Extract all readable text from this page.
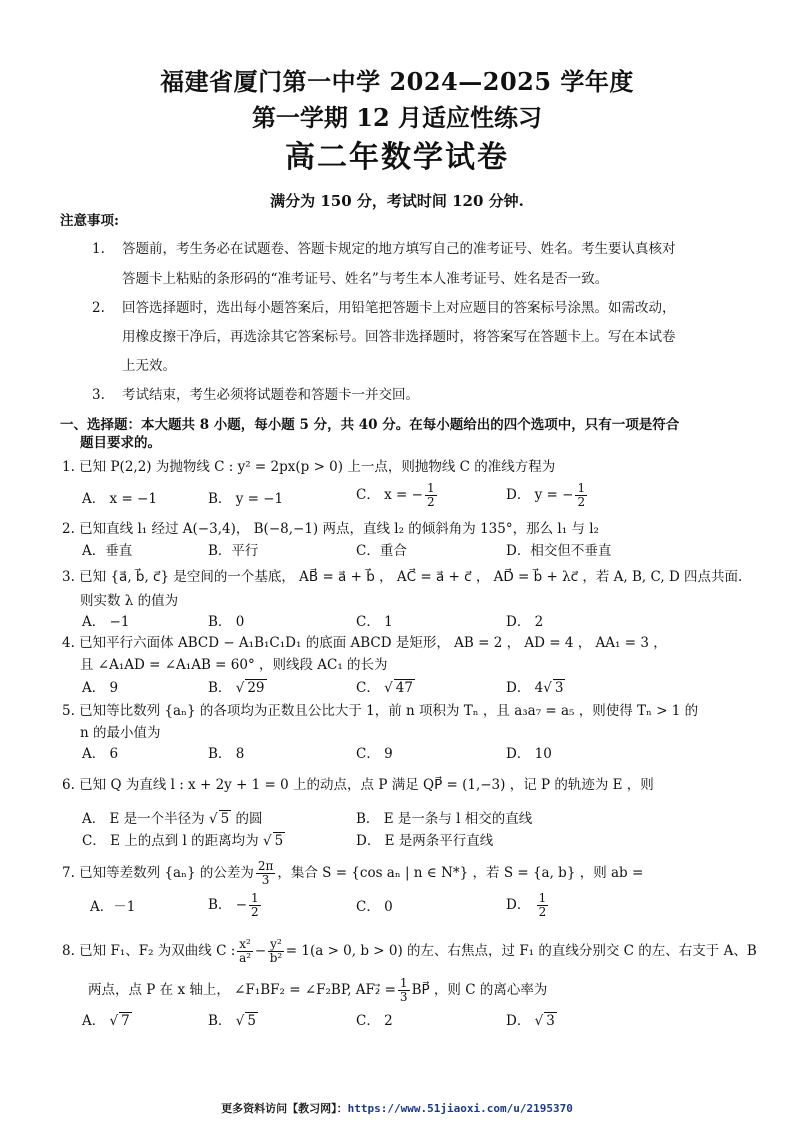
福建省厦门第一中学 2024—2025 学年度
第一学期 12 月适应性练习
高二年数学试卷
满分为 150 分，考试时间 120 分钟.
注意事项:
1. 答题前，考生务必在试题卷、答题卡规定的地方填写自己的准考证号、姓名。考生要认真核对
答题卡上粘贴的条形码的“准考证号、姓名”与考生本人准考证号、姓名是否一致。
2. 回答选择题时，选出每小题答案后，用铅笔把答题卡上对应题目的答案标号涂黑。如需改动，
用橡皮擦干净后，再选涂其它答案标号。回答非选择题时，将答案写在答题卡上。写在本试卷
上无效。
3. 考试结束，考生必须将试题卷和答题卡一并交回。
一、选择题：本大题共 8 小题，每小题 5 分，共 40 分。在每小题给出的四个选项中，只有一项是符合
题目要求的。
1. 已知 P(2,2) 为抛物线 C : y² = 2px(p > 0) 上一点，则抛物线 C 的准线方程为
A． x = −1	B． y = −1	C． x = − $\frac{1}{2}$	D． y = − $\frac{1}{2}$
2. 已知直线 l₁ 经过 A(−3,4)， B(−8,−1) 两点，直线 l₂ 的倾斜角为 135°，那么 l₁ 与 l₂
A．垂直	B．平行	C．重合	D．相交但不垂直
3. 已知 {a⃗, b⃗, c⃗} 是空间的一个基底， AB⃗ = a⃗ + b⃗ ， AC⃗ = a⃗ + c⃗ ， AD⃗ = b⃗ + λc⃗ ，若 A, B, C, D 四点共面.
则实数 λ 的值为
A． −1	B． 0	C． 1	D． 2
4. 已知平行六面体 ABCD − A₁B₁C₁D₁ 的底面 ABCD 是矩形， AB = 2 ， AD = 4 ， AA₁ = 3 ，
且 ∠A₁AD = ∠A₁AB = 60° ，则线段 AC₁ 的长为
A． 9	B． √ 29	C． √ 47	D． 4√ 3
5. 已知等比数列 {aₙ} 的各项均为正数且公比大于 1，前 n 项积为 Tₙ ，且 a₃a₇ = a₅ ，则使得 Tₙ > 1 的
n 的最小值为
A． 6	B． 8	C． 9	D． 10
6. 已知 Q 为直线 l : x + 2y + 1 = 0 上的动点，点 P 满足 QP⃗ = (1,−3) ，记 P 的轨迹为 E ，则
A． E 是一个半径为 √ 5 的圆	B． E 是一条与 l 相交的直线
C． E 上的点到 l 的距离均为 √ 5	D． E 是两条平行直线
7. 已知等差数列 {aₙ} 的公差为 $\frac{2\pi}{3}$ ，集合 S = {cos aₙ | n ∈ N*} ，若 S = {a, b} ，则 ab =
A．－1	B． − $\frac{1}{2}$	C． 0	D． $\frac{1}{2}$
8. 已知 F₁、F₂ 为双曲线 C : $\frac{\text{x²}}{\text{a²}} - \frac{\text{y²}}{\text{b²}} = 1(a > 0$, b > 0) 的左、右焦点，过 F₁ 的直线分别交 C 的左、右支于 A、B
两点，点 P 在 x 轴上， ∠F₁BF₂ = ∠F₂BP, AF₂⃗ = $\frac{1}{3}$ BP⃗ ，则 C 的离心率为
A． √ 7	B． √ 5	C． 2	D． √ 3
更多资料访问【教习网】：https://www.51jiaoxi.com/u/2195370
